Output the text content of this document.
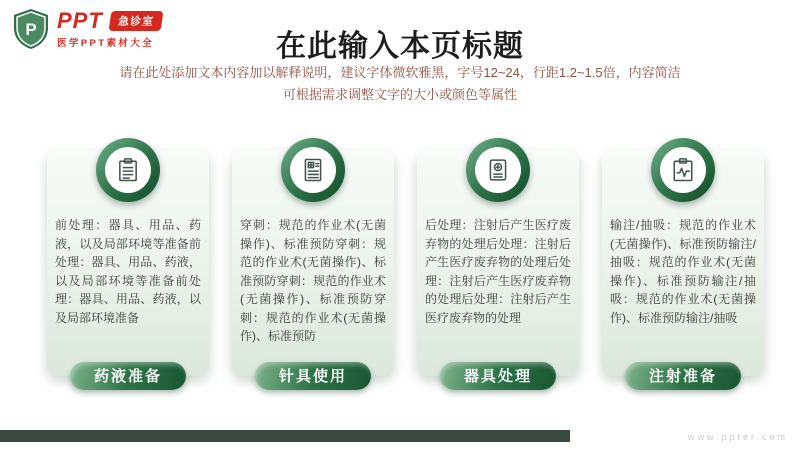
P PPT	急诊室
医学PPT素材大全	在此输入本页标题
请在此处添加文本内容加以解释说明，建议字体微软雅黑，字号12~24，行距1.2~1.5倍，内容简洁
可根据需求调整文字的大小或颜色等属性
前处理：器具、用品、药液，以及局部环境等准备前处理：器具、用品、药液，以及局部环境等准备前处理：器具、用品、药液，以及局部环境准备
药液准备
穿刺：规范的作业术(无菌操作)、标准预防穿刺：规范的作业术(无菌操作)、标准预防穿刺：规范的作业术(无菌操作)、标准预防穿刺：规范的作业术(无菌操作)、标准预防
针具使用
后处理：注射后产生医疗废弃物的处理后处理：注射后产生医疗废弃物的处理后处理：注射后产生医疗废弃物的处理后处理：注射后产生医疗废弃物的处理
器具处理
输注/抽吸：规范的作业术(无菌操作)、标准预防输注/抽吸：规范的作业术(无菌操作)、标准预防输注/抽吸：规范的作业术(无菌操作)、标准预防输注/抽吸
注射准备
www.ppter.com
